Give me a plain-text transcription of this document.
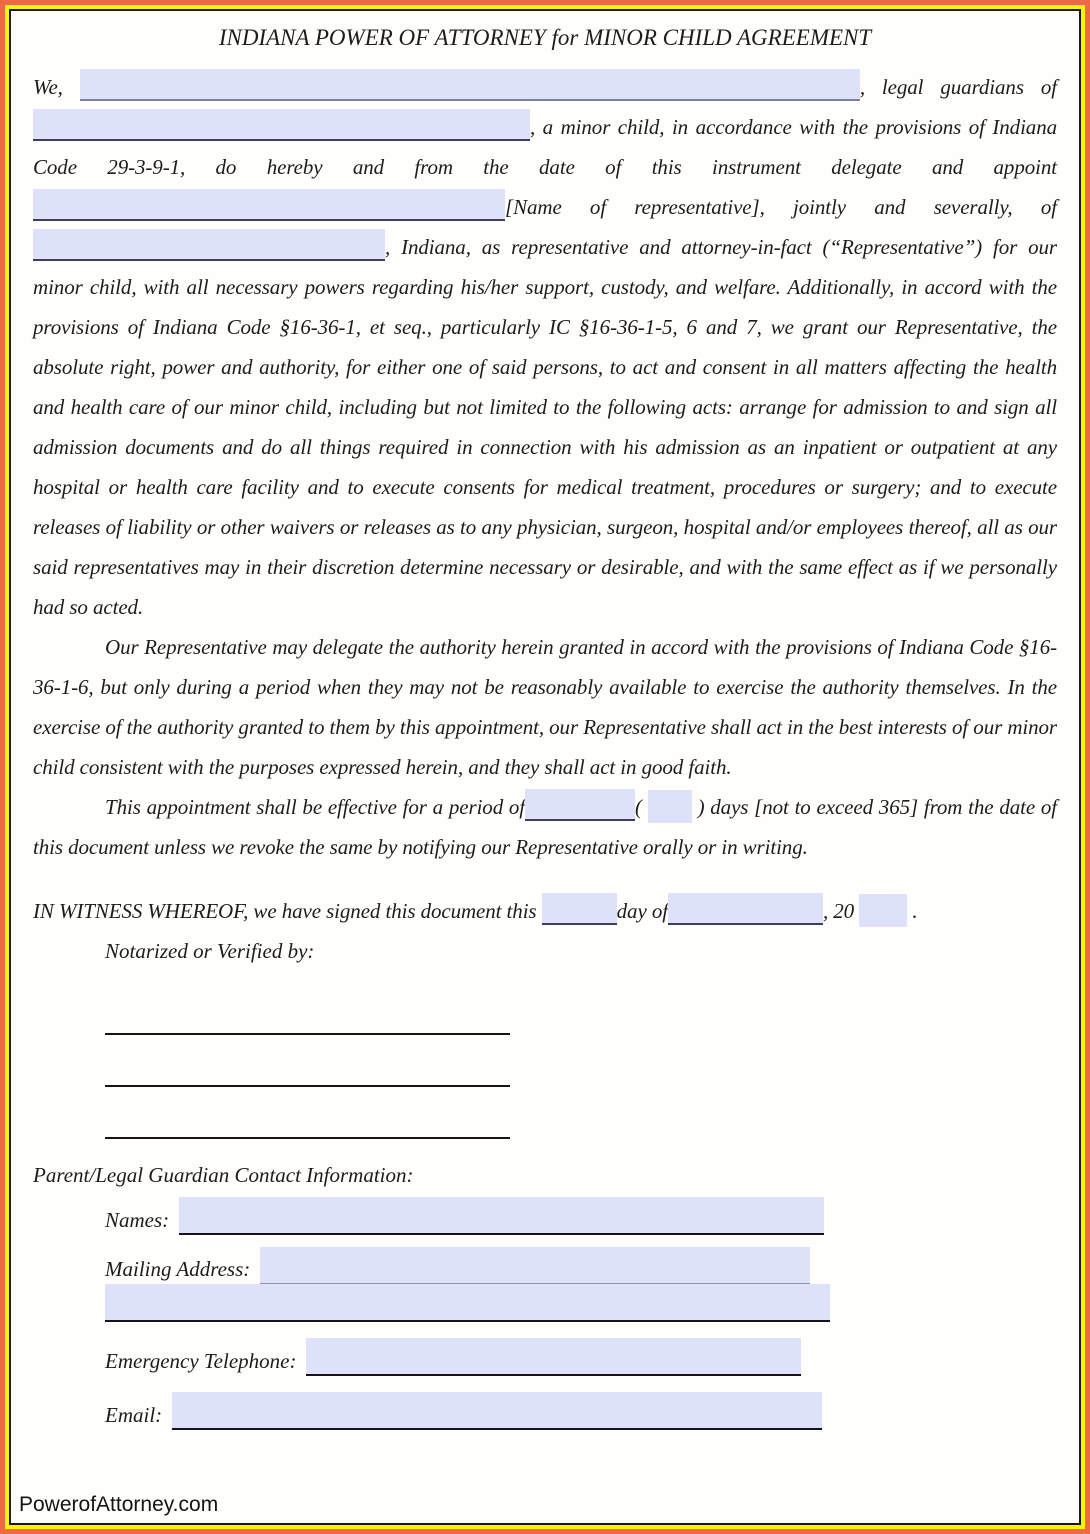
INDIANA POWER OF ATTORNEY for MINOR CHILD AGREEMENT

We,	, legal guardians of , a minor child, in accordance with the provisions of Indiana Code 29-3-9-1, do hereby and from the date of this instrument delegate and appoint [Name of representative], jointly and severally, of , Indiana, as representative and attorney-in-fact (“Representative”) for our minor child, with all necessary powers regarding his/her support, custody, and welfare. Additionally, in accord with the provisions of Indiana Code §16-36-1, et seq., particularly IC §16-36-1-5, 6 and 7, we grant our Representative, the absolute right, power and authority, for either one of said persons, to act and consent in all matters affecting the health and health care of our minor child, including but not limited to the following acts: arrange for admission to and sign all admission documents and do all things required in connection with his admission as an inpatient or outpatient at any hospital or health care facility and to execute consents for medical treatment, procedures or surgery; and to execute releases of liability or other waivers or releases as to any physician, surgeon, hospital and/or employees thereof, all as our said representatives may in their discretion determine necessary or desirable, and with the same effect as if we personally had so acted.

Our Representative may delegate the authority herein granted in accord with the provisions of Indiana Code §16-36-1-6, but only during a period when they may not be reasonably available to exercise the authority themselves. In the exercise of the authority granted to them by this appointment, our Representative shall act in the best interests of our minor child consistent with the purposes expressed herein, and they shall act in good faith.

This appointment shall be effective for a period of	(	) days [not to exceed 365] from the date of this document unless we revoke the same by notifying our Representative orally or in writing.

IN WITNESS WHEREOF, we have signed this document this	day of	, 20	.

Notarized or Verified by:
Parent/Legal Guardian Contact Information:
Names:
Mailing Address:
Emergency Telephone:
Email:
PowerofAttorney.com
